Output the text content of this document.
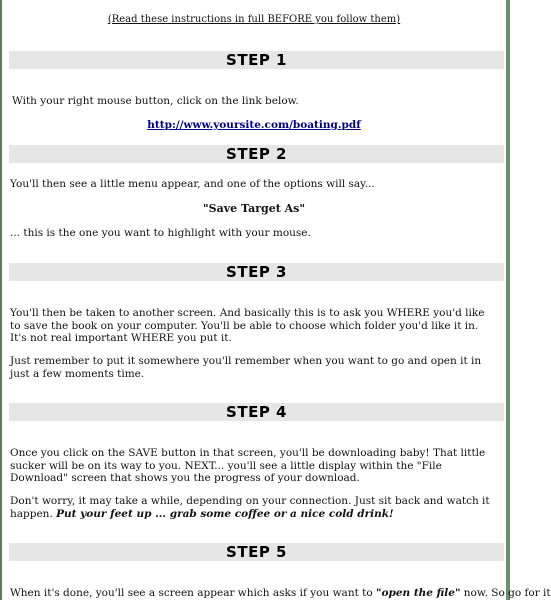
(Read these instructions in full BEFORE you follow them)
STEP 1
With your right mouse button, click on the link below.
http://www.yoursite.com/boating.pdf
STEP 2
You'll then see a little menu appear, and one of the options will say...
"Save Target As"
... this is the one you want to highlight with your mouse.
STEP 3
You'll then be taken to another screen. And basically this is to ask you WHERE you'd like to save the book on your computer. You'll be able to choose which folder you'd like it in. It's not real important WHERE you put it.
Just remember to put it somewhere you'll remember when you want to go and open it in just a few moments time.
STEP 4
Once you click on the SAVE button in that screen, you'll be downloading baby! That little sucker will be on its way to you. NEXT... you'll see a little display within the "File Download" screen that shows you the progress of your download.
Don't worry, it may take a while, depending on your connection. Just sit back and watch it happen. Put your feet up ... grab some coffee or a nice cold drink!
STEP 5
When it's done, you'll see a screen appear which asks if you want to "open the file" now. So go for it
